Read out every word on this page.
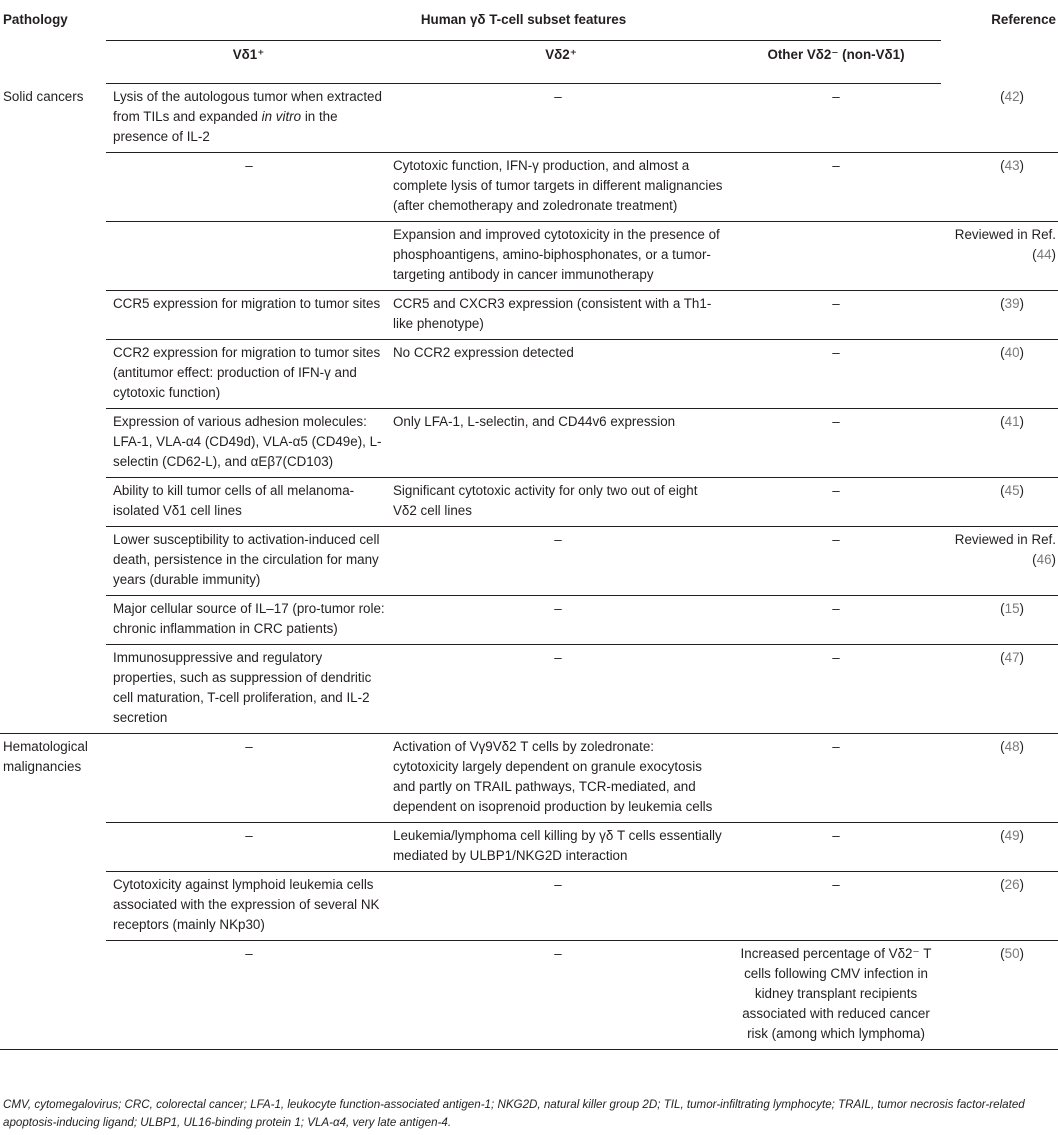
Pathology	Human γδ T-cell subset features			Reference
	Vδ1⁺	Vδ2⁺	Other Vδ2⁻ (non-Vδ1)	
Solid cancers	Lysis of the autologous tumor when extracted from TILs and expanded in vitro in the presence of IL-2	–	–	(42)
	–	Cytotoxic function, IFN-γ production, and almost a complete lysis of tumor targets in different malignancies (after chemotherapy and zoledronate treatment)	–	(43)
		Expansion and improved cytotoxicity in the presence of phosphoantigens, amino-biphosphonates, or a tumor-targeting antibody in cancer immunotherapy		Reviewed in Ref. (44)
	CCR5 expression for migration to tumor sites	CCR5 and CXCR3 expression (consistent with a Th1-like phenotype)	–	(39)
	CCR2 expression for migration to tumor sites (antitumor effect: production of IFN-γ and cytotoxic function)	No CCR2 expression detected	–	(40)
	Expression of various adhesion molecules: LFA-1, VLA-α4 (CD49d), VLA-α5 (CD49e), L-selectin (CD62-L), and αEβ7(CD103)	Only LFA-1, L-selectin, and CD44v6 expression	–	(41)
	Ability to kill tumor cells of all melanoma-isolated Vδ1 cell lines	Significant cytotoxic activity for only two out of eight Vδ2 cell lines	–	(45)
	Lower susceptibility to activation-induced cell death, persistence in the circulation for many years (durable immunity)	–	–	Reviewed in Ref. (46)
	Major cellular source of IL–17 (pro-tumor role: chronic inflammation in CRC patients)	–	–	(15)
	Immunosuppressive and regulatory properties, such as suppression of dendritic cell maturation, T-cell proliferation, and IL-2 secretion	–	–	(47)
Hematological malignancies	–	Activation of Vγ9Vδ2 T cells by zoledronate: cytotoxicity largely dependent on granule exocytosis and partly on TRAIL pathways, TCR-mediated, and dependent on isoprenoid production by leukemia cells	–	(48)
	–	Leukemia/lymphoma cell killing by γδ T cells essentially mediated by ULBP1/NKG2D interaction	–	(49)
	Cytotoxicity against lymphoid leukemia cells associated with the expression of several NK receptors (mainly NKp30)	–	–	(26)
	–	–	Increased percentage of Vδ2⁻ T cells following CMV infection in kidney transplant recipients associated with reduced cancer risk (among which lymphoma)	(50)
CMV, cytomegalovirus; CRC, colorectal cancer; LFA-1, leukocyte function-associated antigen-1; NKG2D, natural killer group 2D; TIL, tumor-infiltrating lymphocyte; TRAIL, tumor necrosis factor-related apoptosis-inducing ligand; ULBP1, UL16-binding protein 1; VLA-α4, very late antigen-4.
